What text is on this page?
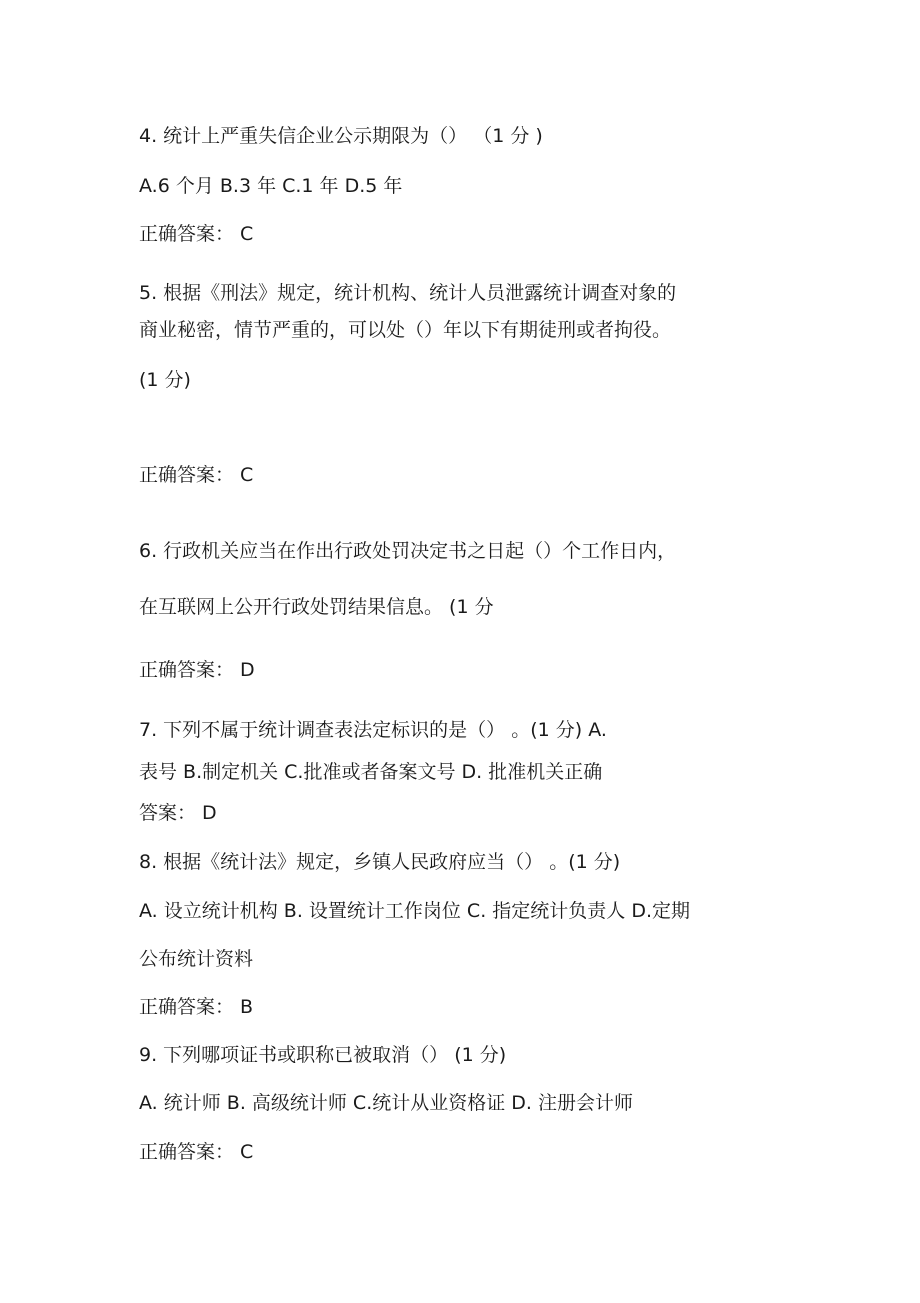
4. 统计上严重失信企业公示期限为（） （1 分 )
A.6 个月 B.3 年 C.1 年 D.5 年
正确答案： C
5. 根据《刑法》规定，统计机构、统计人员泄露统计调查对象的
商业秘密，情节严重的，可以处（）年以下有期徒刑或者拘役。
(1 分)
正确答案： C
6. 行政机关应当在作出行政处罚决定书之日起（）个工作日内，
在互联网上公开行政处罚结果信息。 (1 分
正确答案： D
7. 下列不属于统计调查表法定标识的是（） 。(1 分) A.
表号 B.制定机关 C.批准或者备案文号 D. 批准机关正确
答案： D
8. 根据《统计法》规定，乡镇人民政府应当（） 。(1 分)
A. 设立统计机构 B. 设置统计工作岗位 C. 指定统计负责人 D.定期
公布统计资料
正确答案： B
9. 下列哪项证书或职称已被取消（） (1 分)
A. 统计师 B. 高级统计师 C.统计从业资格证 D. 注册会计师
正确答案： C
